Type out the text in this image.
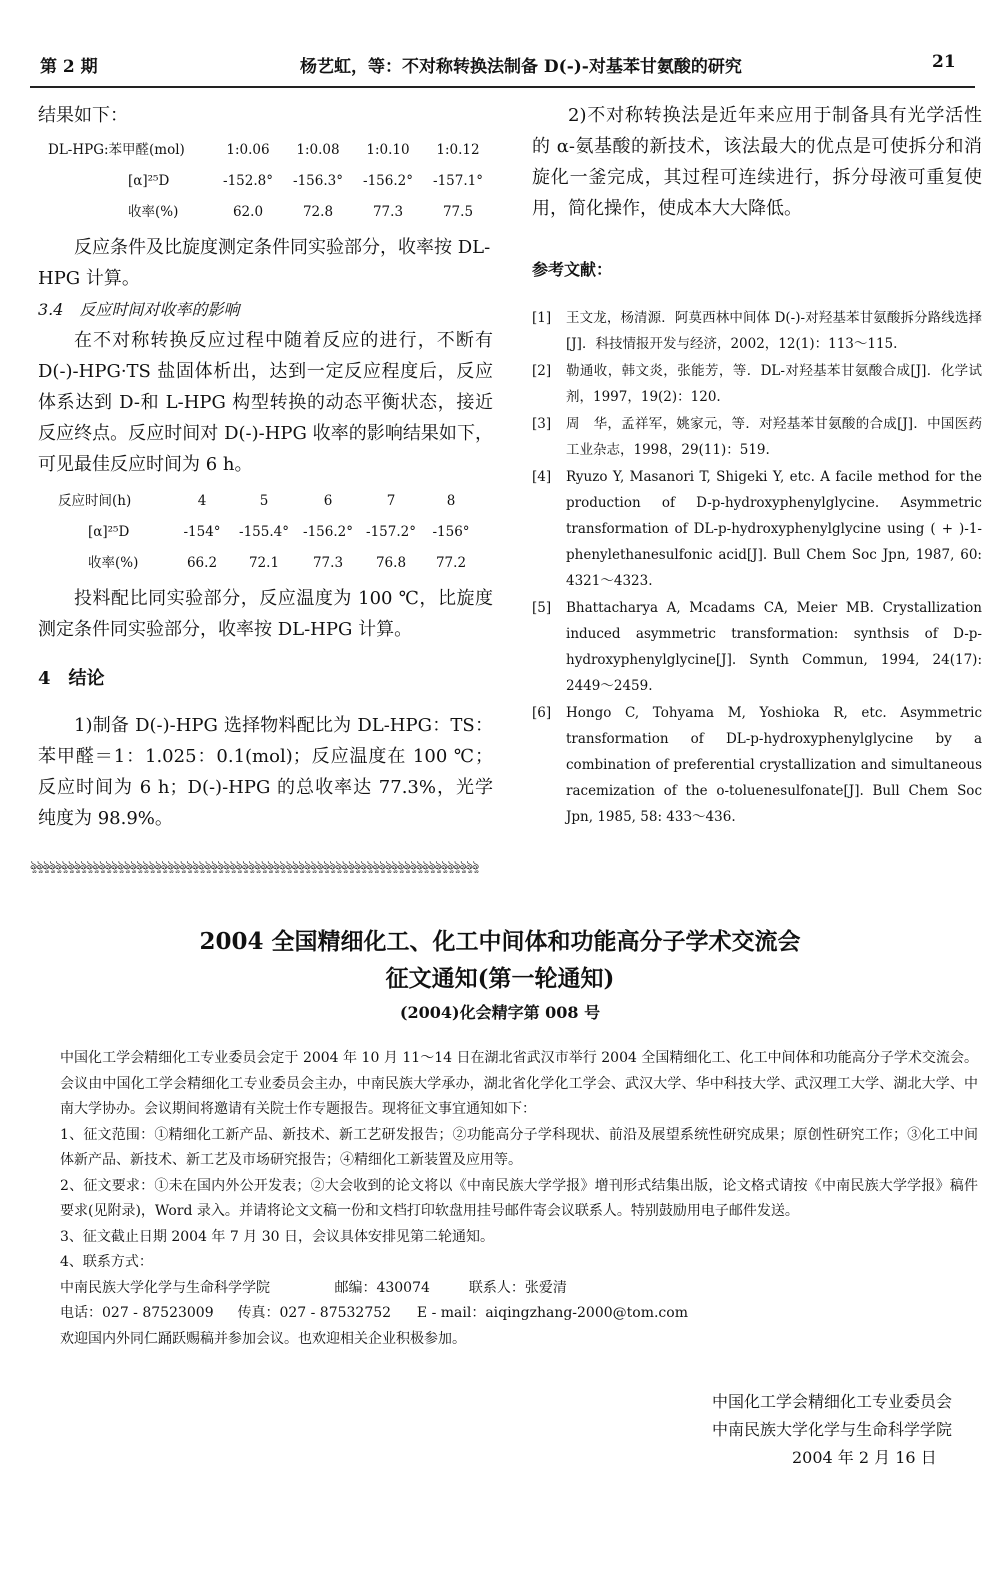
第 2 期	杨艺虹，等：不对称转换法制备 D(-)-对基苯甘氨酸的研究	21

结果如下：

DL-HPG:苯甲醛(mol)	1:0.06	1:0.08	1:0.10	1:0.12
[α]²⁵D	-152.8°	-156.3°	-156.2°	-157.1°
收率(%)	62.0	72.8	77.3	77.5

反应条件及比旋度测定条件同实验部分，收率按 DL-HPG 计算。

3.4　反应时间对收率的影响

在不对称转换反应过程中随着反应的进行，不断有 D(-)-HPG·TS 盐固体析出，达到一定反应程度后，反应体系达到 D-和 L-HPG 构型转换的动态平衡状态，接近反应终点。反应时间对 D(-)-HPG 收率的影响结果如下，可见最佳反应时间为 6 h。

反应时间(h)	4	5	6	7	8
[α]²⁵D	-154°	-155.4°	-156.2°	-157.2°	-156°
收率(%)	66.2	72.1	77.3	76.8	77.2

投料配比同实验部分，反应温度为 100 ℃，比旋度测定条件同实验部分，收率按 DL-HPG 计算。

4　结论

1)制备 D(-)-HPG 选择物料配比为 DL-HPG：TS：苯甲醛＝1：1.025：0.1(mol)；反应温度在 100 ℃；反应时间为 6 h；D(-)-HPG 的总收率达 77.3%，光学纯度为 98.9%。

2)不对称转换法是近年来应用于制备具有光学活性的 α-氨基酸的新技术，该法最大的优点是可使拆分和消旋化一釜完成，其过程可连续进行，拆分母液可重复使用，简化操作，使成本大大降低。

参考文献：

[1]	王文龙，杨清源．阿莫西林中间体 D(-)-对羟基苯甘氨酸拆分路线选择[J]．科技情报开发与经济，2002，12(1)：113～115.
[2]	勒通收，韩文炎，张能芳，等．DL-对羟基苯甘氨酸合成[J]．化学试剂，1997，19(2)：120.
[3]	周　华，孟祥军，姚家元，等．对羟基苯甘氨酸的合成[J]．中国医药工业杂志，1998，29(11)：519.
[4]	Ryuzo Y, Masanori T, Shigeki Y, etc. A facile method for the production of D-p-hydroxyphenylglycine. Asymmetric transformation of DL-p-hydroxyphenylglycine using ( + )-1-phenylethanesulfonic acid[J]. Bull Chem Soc Jpn, 1987, 60: 4321～4323.
[5]	Bhattacharya A, Mcadams CA, Meier MB. Crystallization induced asymmetric transformation: synthsis of D-p-hydroxyphenylglycine[J]. Synth Commun, 1994, 24(17): 2449～2459.
[6]	Hongo C, Tohyama M, Yoshioka R, etc. Asymmetric transformation of DL-p-hydroxyphenylglycine by a combination of preferential crystallization and simultaneous racemization of the o-toluenesulfonate[J]. Bull Chem Soc Jpn, 1985, 58: 433～436.
ৡৡৡৡৡৡৡৡৡৡৡৡৡৡৡৡৡৡৡৡৡৡৡৡৡৡৡৡৡৡৡৡৡৡৡৡৡৡৡৡৡৡৡৡৡৡৡৡৡৡৡৡৡৡৡৡৡৡৡৡৡৡৡৡৡৡৡৡৡৡৡৡ
2004 全国精细化工、化工中间体和功能高分子学术交流会
征文通知(第一轮通知)
(2004)化会精字第 008 号

中国化工学会精细化工专业委员会定于 2004 年 10 月 11～14 日在湖北省武汉市举行 2004 全国精细化工、化工中间体和功能高分子学术交流会。会议由中国化工学会精细化工专业委员会主办，中南民族大学承办，湖北省化学化工学会、武汉大学、华中科技大学、武汉理工大学、湖北大学、中南大学协办。会议期间将邀请有关院士作专题报告。现将征文事宜通知如下：

1、征文范围：①精细化工新产品、新技术、新工艺研发报告；②功能高分子学科现状、前沿及展望系统性研究成果；原创性研究工作；③化工中间体新产品、新技术、新工艺及市场研究报告；④精细化工新装置及应用等。

2、征文要求：①未在国内外公开发表；②大会收到的论文将以《中南民族大学学报》增刊形式结集出版，论文格式请按《中南民族大学学报》稿件要求(见附录)，Word 录入。并请将论文文稿一份和文档打印软盘用挂号邮件寄会议联系人。特别鼓励用电子邮件发送。

3、征文截止日期 2004 年 7 月 30 日，会议具体安排见第二轮通知。

4、联系方式：

中南民族大学化学与生命科学学院	邮编：430074	联系人：张爱清

电话：027 - 87523009 传真：027 - 87532752 E - mail：aiqingzhang-2000@tom.com

欢迎国内外同仁踊跃赐稿并参加会议。也欢迎相关企业积极参加。

中国化工学会精细化工专业委员会
中南民族大学化学与生命科学学院
2004 年 2 月 16 日
